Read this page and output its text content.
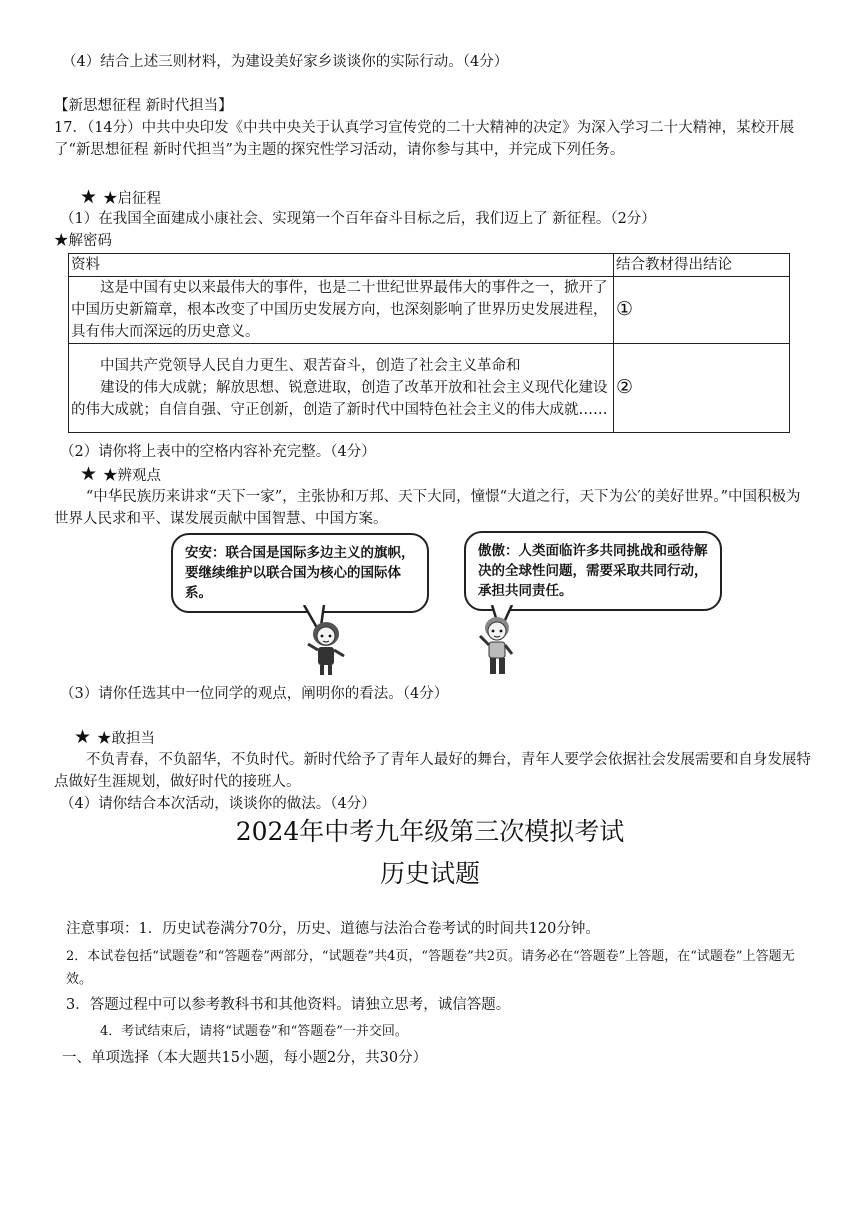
（4）结合上述三则材料，为建设美好家乡谈谈你的实际行动。（4分）
【新思想征程 新时代担当】
17．（14分）中共中央印发《中共中央关于认真学习宣传党的二十大精神的决定》为深入学习二十大精神，某校开展了“新思想征程 新时代担当”为主题的探究性学习活动，请你参与其中，并完成下列任务。
★ ★启征程
（1）在我国全面建成小康社会、实现第一个百年奋斗目标之后，我们迈上了 新征程。（2分）
★解密码
资料	结合教材得出结论
这是中国有史以来最伟大的事件，也是二十世纪世界最伟大的事件之一，掀开了中国历史新篇章，根本改变了中国历史发展方向，也深刻影响了世界历史发展进程，具有伟大而深远的历史意义。	①

中国共产党领导人民自力更生、艰苦奋斗，创造了社会主义革命和
建设的伟大成就；解放思想、锐意进取，创造了改革开放和社会主义现代化建设的伟大成就；自信自强、守正创新，创造了新时代中国特色社会主义的伟大成就……	②
（2）请你将上表中的空格内容补充完整。（4分）
★ ★辨观点
“中华民族历来讲求“天下一家”，主张协和万邦、天下大同，憧憬“大道之行，天下为公′的美好世界。”中国积极为世界人民求和平、谋发展贡献中国智慧、中国方案。
安安：联合国是国际多边主义的旗帜，要继续维护以联合国为核心的国际体系。
傲傲：人类面临许多共同挑战和亟待解决的全球性问题，需要采取共同行动，承担共同责任。
（3）请你任选其中一位同学的观点，阐明你的看法。（4分）
★ ★敢担当
不负青春，不负韶华，不负时代。新时代给予了青年人最好的舞台，青年人要学会依据社会发展需要和自身发展特点做好生涯规划，做好时代的接班人。
（4）请你结合本次活动，谈谈你的做法。（4分）
2024年中考九年级第三次模拟考试
历史试题
注意事项：1．历史试卷满分70分，历史、道德与法治合卷考试的时间共120分钟。
2．本试卷包括“试题卷”和“答题卷”两部分，“试题卷”共4页，“答题卷”共2页。请务必在“答题卷”上答题，在“试题卷”上答题无效。
3．答题过程中可以参考教科书和其他资料。请独立思考，诚信答题。
4．考试结束后，请将“试题卷”和“答题卷”一并交回。
一、单项选择（本大题共15小题，每小题2分，共30分）
